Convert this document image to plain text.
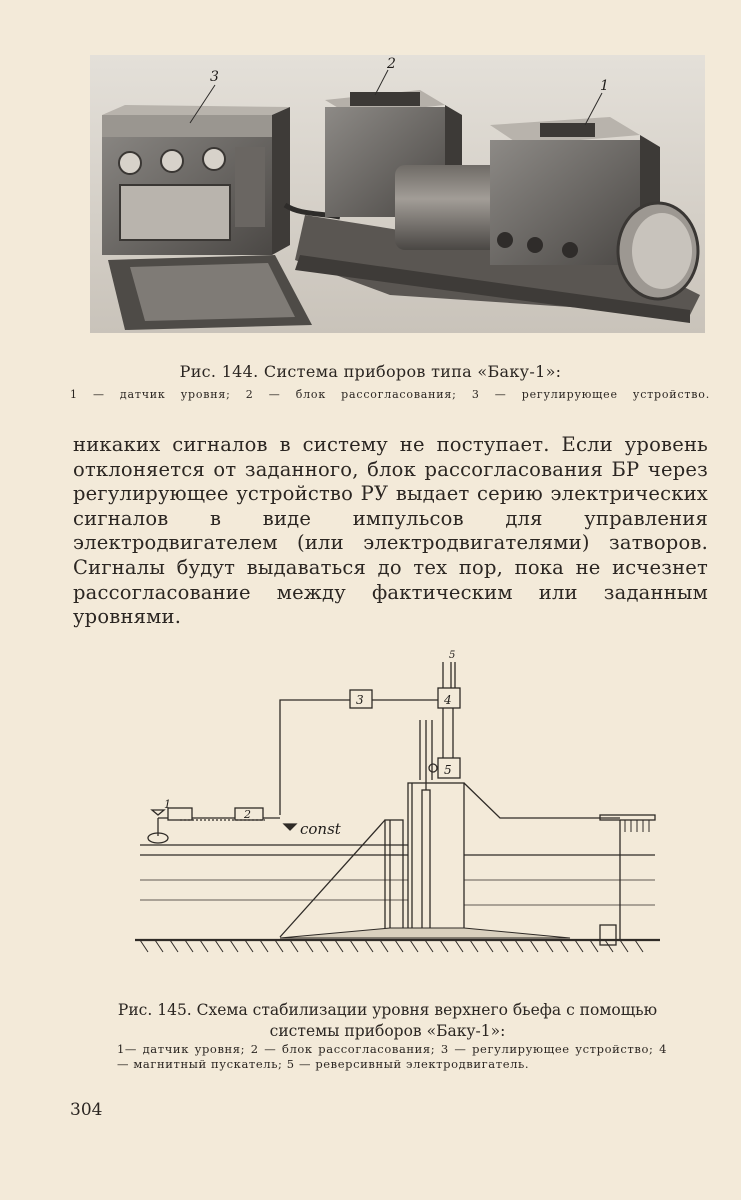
3
2
1
Рис. 144. Система приборов типа «Баку-1»:
1 — датчик уровня; 2 — блок рассогласования; 3 — регулирующее устройство.
никаких сигналов в систему не поступает. Если уровень отклоняется от заданного, блок рассогласования БР через регулирующее устройство РУ выдает серию электрических сигналов в виде импульсов для управления электродвигателем (или электродвигателями) затворов. Сигналы будут выдаваться до тех пор, пока не исчезнет рассогласование между фактическим или заданным уровнями.
3	4
5
5
2
1
const
Рис. 145. Схема стабилизации уровня верхнего бьефа с помощью системы приборов «Баку-1»:
1— датчик уровня; 2 — блок рассогласования; 3 — регулирующее устройство; 4 — магнитный пускатель; 5 — реверсивный электродвигатель.
304
